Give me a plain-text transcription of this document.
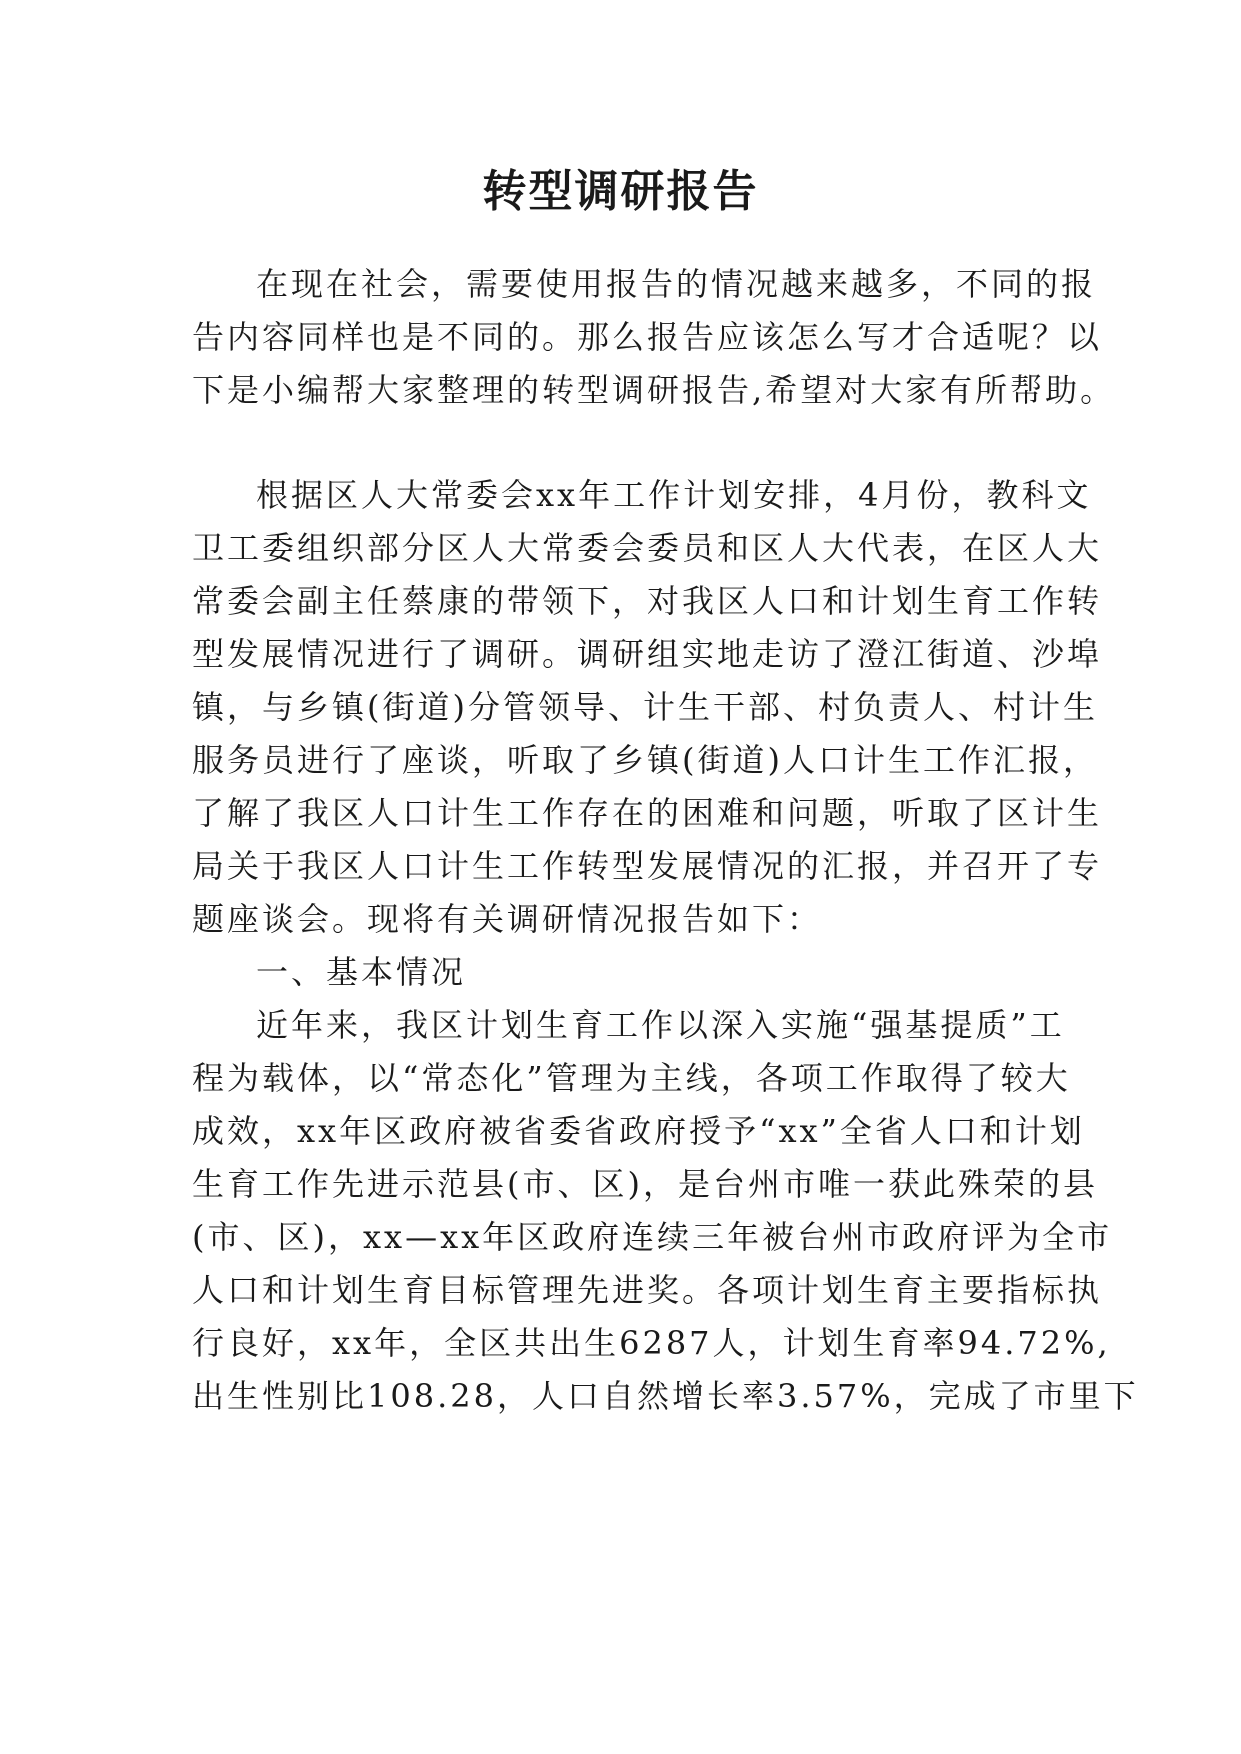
转型调研报告
在现在社会，需要使用报告的情况越来越多，不同的报
告内容同样也是不同的。那么报告应该怎么写才合适呢？以
下是小编帮大家整理的转型调研报告,希望对大家有所帮助。
根据区人大常委会xx年工作计划安排，4月份，教科文
卫工委组织部分区人大常委会委员和区人大代表，在区人大
常委会副主任蔡康的带领下，对我区人口和计划生育工作转
型发展情况进行了调研。调研组实地走访了澄江街道、沙埠
镇，与乡镇(街道)分管领导、计生干部、村负责人、村计生
服务员进行了座谈，听取了乡镇(街道)人口计生工作汇报，
了解了我区人口计生工作存在的困难和问题，听取了区计生
局关于我区人口计生工作转型发展情况的汇报，并召开了专
题座谈会。现将有关调研情况报告如下：
一、基本情况
近年来，我区计划生育工作以深入实施“强基提质”工
程为载体，以“常态化”管理为主线，各项工作取得了较大
成效，xx年区政府被省委省政府授予“xx”全省人口和计划
生育工作先进示范县(市、区)，是台州市唯一获此殊荣的县
(市、区)，xx—xx年区政府连续三年被台州市政府评为全市
人口和计划生育目标管理先进奖。各项计划生育主要指标执
行良好，xx年，全区共出生6287人，计划生育率94.72%,
出生性别比108.28，人口自然增长率3.57%，完成了市里下
